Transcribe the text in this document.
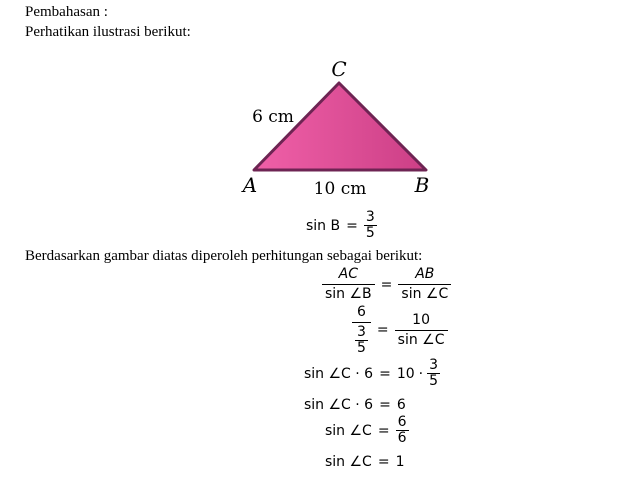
Pembahasan :
Perhatikan ilustrasi berikut:
C
A	B
6 cm
10 cm
$\sin B = \frac{3}{5}$
Berdasarkan gambar diatas diperoleh perhitungan sebagai berikut:
$\frac{AC}{\sin \angle B} = \frac{AB}{\sin \angle C}$
$\frac{6}{\frac{3}{5}} = \frac{10}{\sin \angle C}$
sin ∠C · $6 = 10 \cdot \frac{3}{5}$
sin ∠C · 6 = 6
sin ∠C = $\frac{6}{6}$
sin ∠C = 1
